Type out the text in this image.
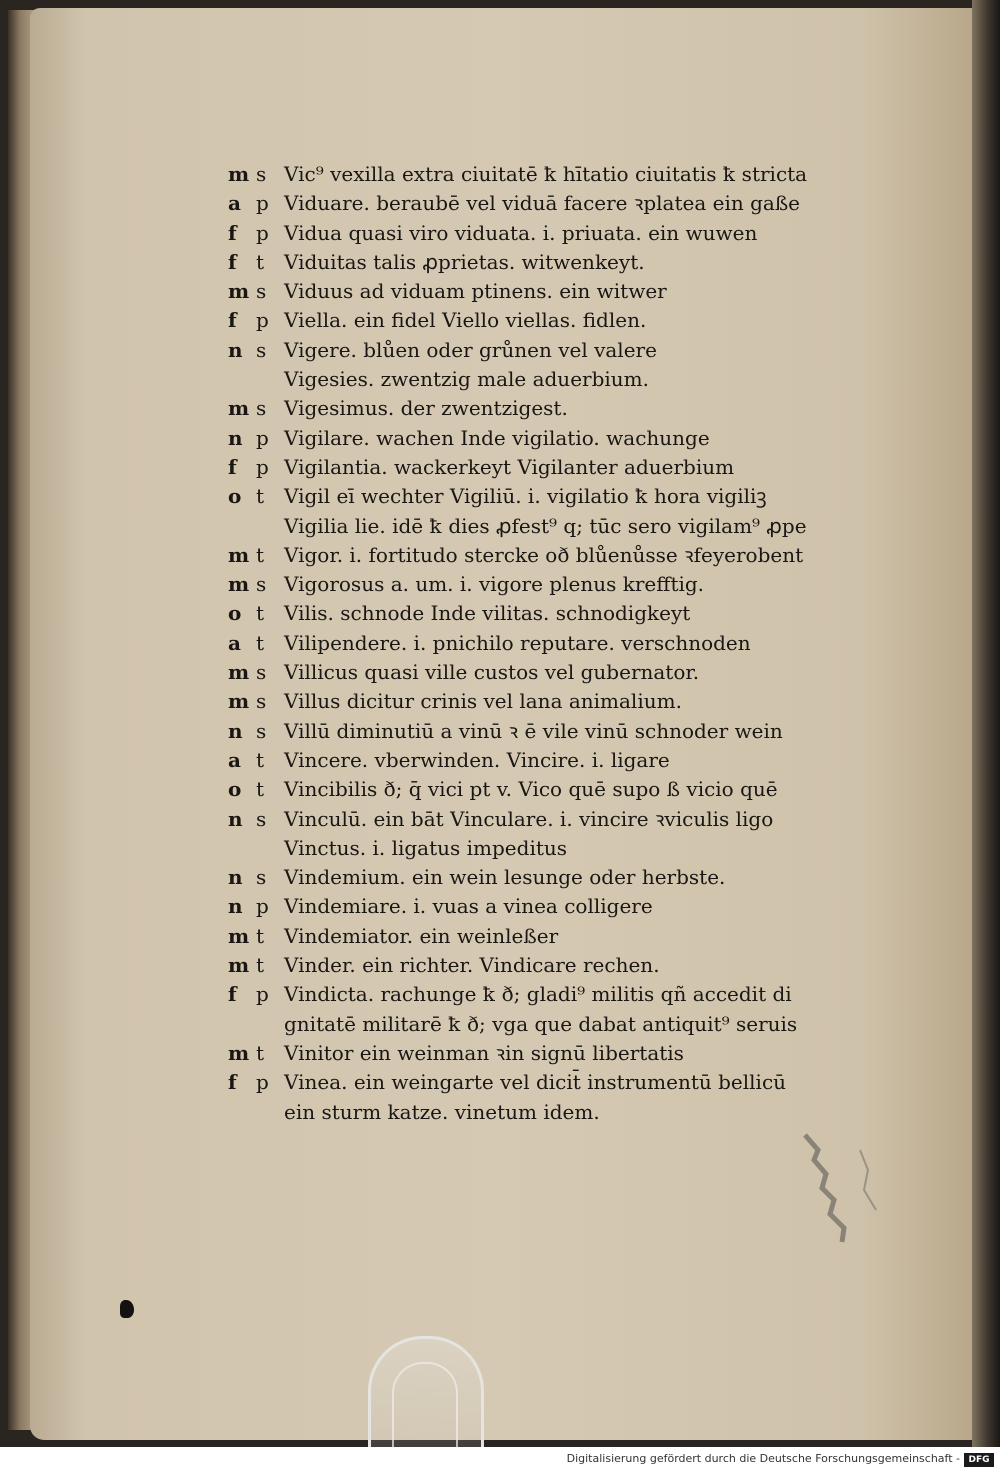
m s Vic⁹ vexilla extra ciuitatē ꝁ hītatio ciuitatis ꝁ stricta
a p Viduare. beraubē vel viduā facere ꝛplatea ein gaße
f p Vidua quasi viro viduata. i. priuata. ein wuwen
f t Viduitas talis ꝓprietas. witwenkeyt.
m s Viduus ad viduam ptinens. ein witwer
f p Viella. ein fidel Viello viellas. fidlen.
n s Vigere. blůen oder grůnen vel valere
Vigesies. zwentzig male aduerbium.
m s Vigesimus. der zwentzigest.
n p Vigilare. wachen Inde vigilatio. wachunge
f p Vigilantia. wackerkeyt Vigilanter aduerbium
o t Vigil eī wechter Vigiliū. i. vigilatio ꝁ hora vigiliꝫ
Vigilia lie. idē ꝁ dies ꝓfest⁹ q; tūc sero vigilam⁹ ꝓpe
m t Vigor. i. fortitudo stercke oð blůenůsse ꝛfeyerobent
m s Vigorosus a. um. i. vigore plenus krefftig.
o t Vilis. schnode Inde vilitas. schnodigkeyt
a t Vilipendere. i. pnichilo reputare. verschnoden
m s Villicus quasi ville custos vel gubernator.
m s Villus dicitur crinis vel lana animalium.
n s Villū diminutiū a vinū ꝛ ē vile vinū schnoder wein
a t Vincere. vberwinden. Vincire. i. ligare
o t Vincibilis ð; q̄ vici pt v. Vico quē supo ß vicio quē
n s Vinculū. ein bāt Vinculare. i. vincire ꝛviculis ligo
Vinctus. i. ligatus impeditus
n s Vindemium. ein wein lesunge oder herbste.
n p Vindemiare. i. vuas a vinea colligere
m t Vindemiator. ein weinleßer
m t Vinder. ein richter. Vindicare rechen.
f p Vindicta. rachunge ꝁ ð; gladi⁹ militis qñ accedit di
gnitatē militarē ꝁ ð; vga que dabat antiquit⁹ seruis
m t Vinitor ein weinman ꝛin signū libertatis
f p Vinea. ein weingarte vel dicit̄ instrumentū bellicū
ein sturm katze. vinetum idem.
Digitalisierung gefördert durch die Deutsche Forschungsgemeinschaft - DFG
